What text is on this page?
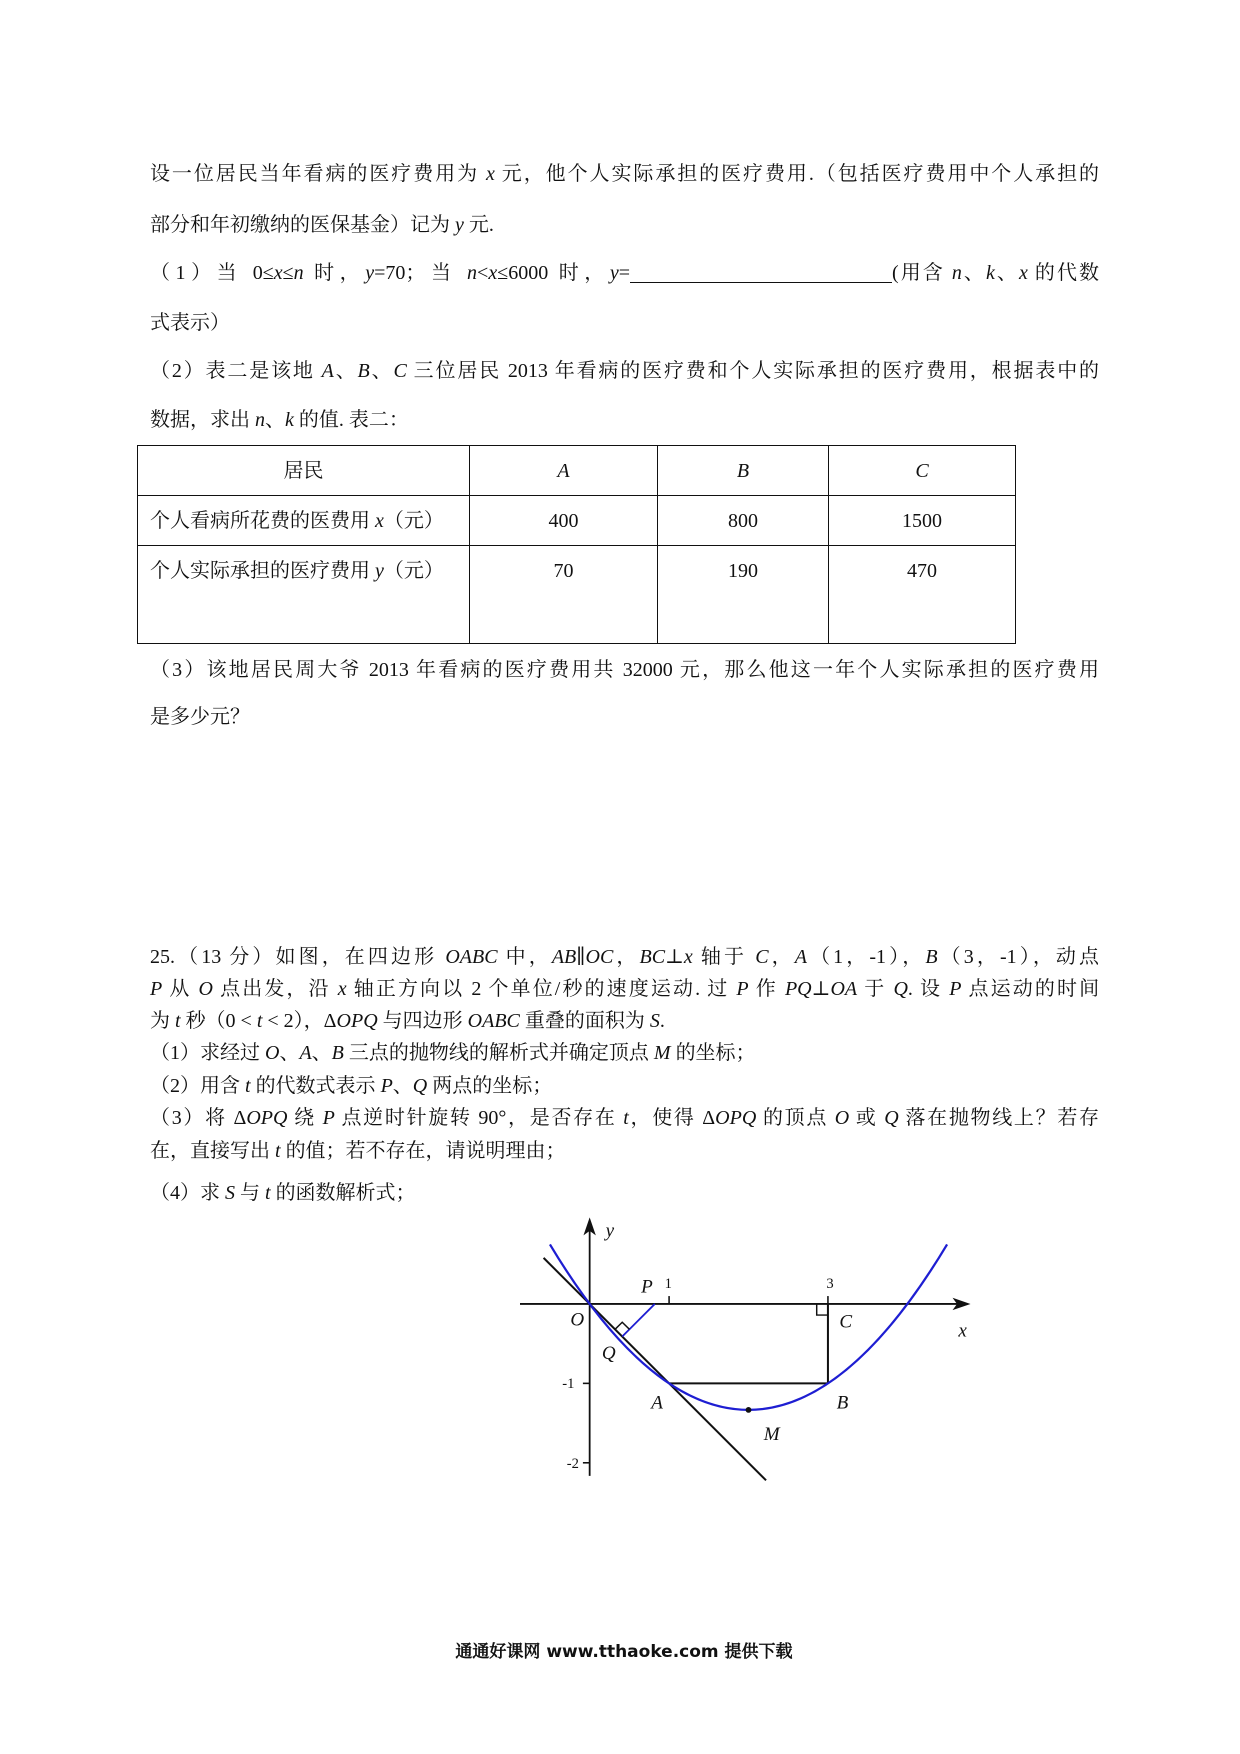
设一位居民当年看病的医疗费用为 x 元，他个人实际承担的医疗费用.（包括医疗费用中个人承担的
部分和年初缴纳的医保基金）记为 y 元.
（1）当 0≤x≤n 时，y=70；当 n<x≤6000 时，y=	(用含 n、k、x 的代数
式表示）
（2）表二是该地 A、B、C 三位居民 2013 年看病的医疗费和个人实际承担的医疗费用，根据表中的
数据，求出 n、k 的值. 表二：
居民	A	B	C
个人看病所花费的医费用 x（元）	400	800	1500
个人实际承担的医疗费用 y（元）	70	190	470
（3）该地居民周大爷 2013 年看病的医疗费用共 32000 元，那么他这一年个人实际承担的医疗费用
是多少元？
25.（13 分）如图，在四边形 OABC 中，AB∥OC，BC⊥x 轴于 C，A（1，-1），B（3，-1），动点
P 从 O 点出发，沿 x 轴正方向以 2 个单位/秒的速度运动. 过 P 作 PQ⊥OA 于 Q. 设 P 点运动的时间
为 t 秒（0 < t < 2），ΔOPQ 与四边形 OABC 重叠的面积为 S.
（1）求经过 O、A、B 三点的抛物线的解析式并确定顶点 M 的坐标；
（2）用含 t 的代数式表示 P、Q 两点的坐标；
（3）将 ΔOPQ 绕 P 点逆时针旋转 90°，是否存在 t，使得 ΔOPQ 的顶点 O 或 Q 落在抛物线上？若存
在，直接写出 t 的值；若不存在，请说明理由；
（4）求 S 与 t 的函数解析式；
y
x
O
P 1	3
C
Q
-1
A	B
M
-2
通通好课网 www.tthaoke.com 提供下载
